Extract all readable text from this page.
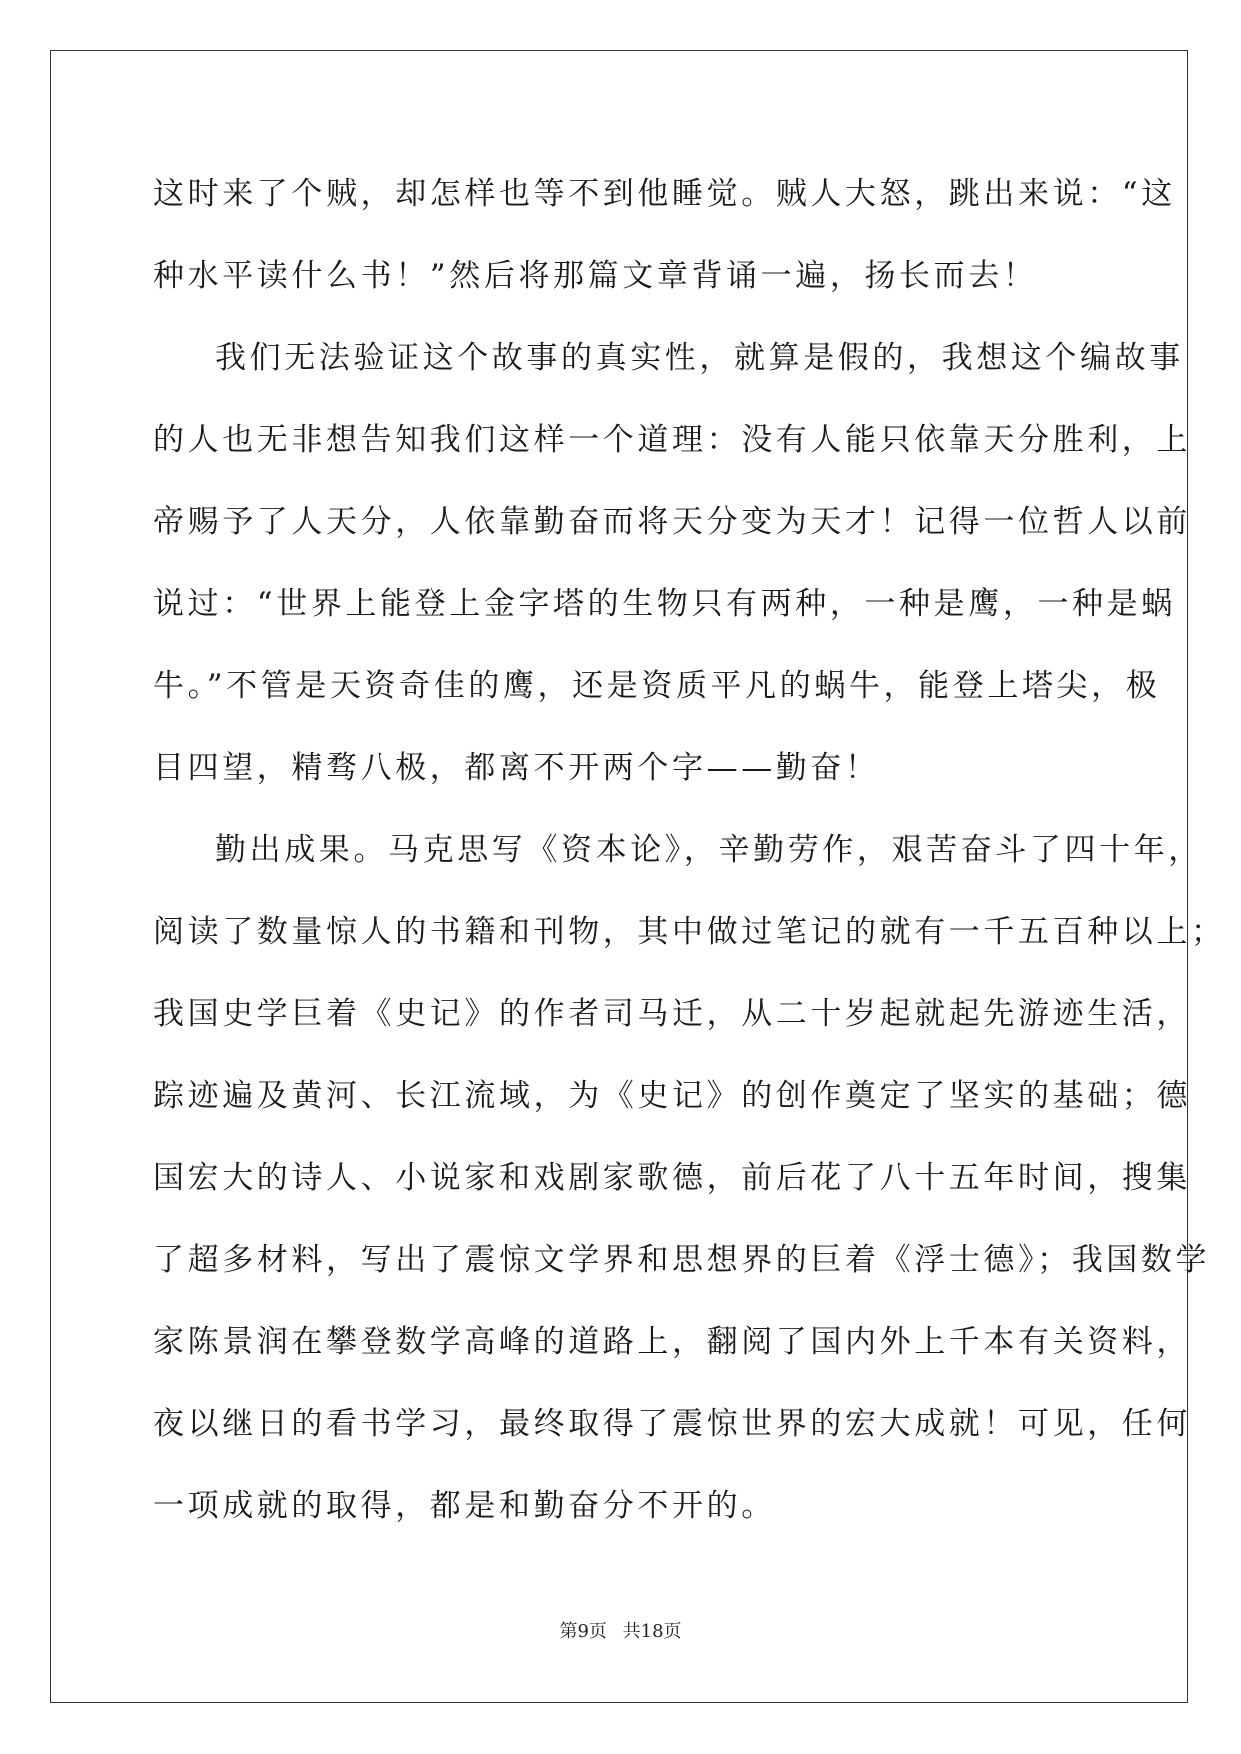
这时来了个贼，却怎样也等不到他睡觉。贼人大怒，跳出来说：“这
种水平读什么书！”然后将那篇文章背诵一遍，扬长而去！
我们无法验证这个故事的真实性，就算是假的，我想这个编故事
的人也无非想告知我们这样一个道理：没有人能只依靠天分胜利，上
帝赐予了人天分，人依靠勤奋而将天分变为天才！记得一位哲人以前
说过：“世界上能登上金字塔的生物只有两种，一种是鹰，一种是蜗
牛。”不管是天资奇佳的鹰，还是资质平凡的蜗牛，能登上塔尖，极
目四望，精骛八极，都离不开两个字——勤奋！
勤出成果。马克思写《资本论》，辛勤劳作，艰苦奋斗了四十年，
阅读了数量惊人的书籍和刊物，其中做过笔记的就有一千五百种以上；
我国史学巨着《史记》的作者司马迁，从二十岁起就起先游迹生活，
踪迹遍及黄河、长江流域，为《史记》的创作奠定了坚实的基础；德
国宏大的诗人、小说家和戏剧家歌德，前后花了八十五年时间，搜集
了超多材料，写出了震惊文学界和思想界的巨着《浮士德》；我国数学
家陈景润在攀登数学高峰的道路上，翻阅了国内外上千本有关资料，
夜以继日的看书学习，最终取得了震惊世界的宏大成就！可见，任何
一项成就的取得，都是和勤奋分不开的。
第9页 共18页
